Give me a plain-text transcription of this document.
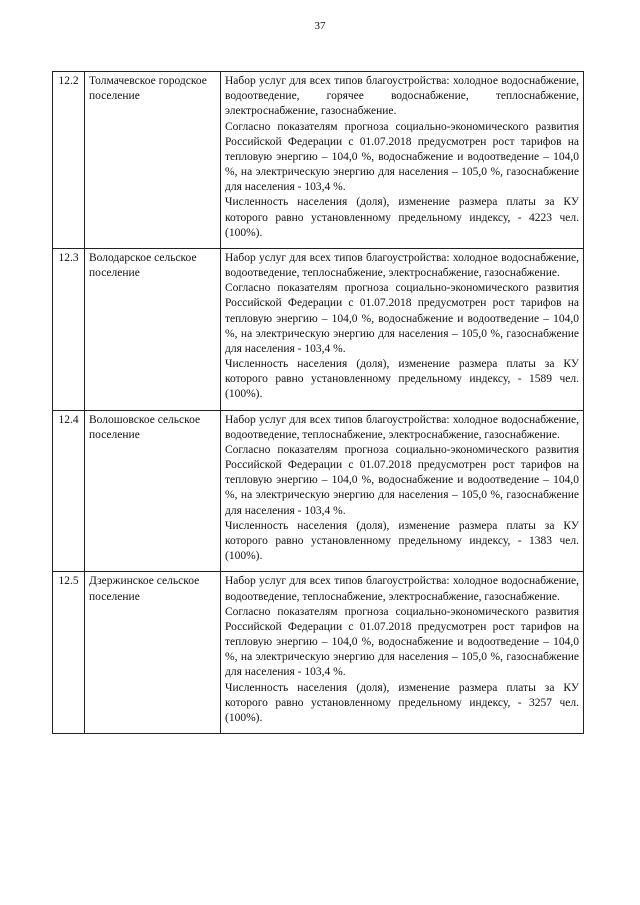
37
12.2	Толмачевское городское поселение	Набор услуг для всех типов благоустройства: холодное водоснабжение, водоотведение, горячее водоснабжение, теплоснабжение, электроснабжение, газоснабжение.
Согласно показателям прогноза социально-экономического развития Российской Федерации с 01.07.2018 предусмотрен рост тарифов на тепловую энергию – 104,0 %, водоснабжение и водоотведение – 104,0 %, на электрическую энергию для населения – 105,0 %, газоснабжение для населения - 103,4 %.
Численность населения (доля), изменение размера платы за КУ которого равно установленному предельному индексу, - 4223 чел. (100%).

12.3	Володарское сельское поселение	Набор услуг для всех типов благоустройства: холодное водоснабжение, водоотведение, теплоснабжение, электроснабжение, газоснабжение.
Согласно показателям прогноза социально-экономического развития Российской Федерации с 01.07.2018 предусмотрен рост тарифов на тепловую энергию – 104,0 %, водоснабжение и водоотведение – 104,0 %, на электрическую энергию для населения – 105,0 %, газоснабжение для населения - 103,4 %.
Численность населения (доля), изменение размера платы за КУ которого равно установленному предельному индексу, - 1589 чел. (100%).

12.4	Волошовское сельское поселение	Набор услуг для всех типов благоустройства: холодное водоснабжение, водоотведение, теплоснабжение, электроснабжение, газоснабжение.
Согласно показателям прогноза социально-экономического развития Российской Федерации с 01.07.2018 предусмотрен рост тарифов на тепловую энергию – 104,0 %, водоснабжение и водоотведение – 104,0 %, на электрическую энергию для населения – 105,0 %, газоснабжение для населения - 103,4 %.
Численность населения (доля), изменение размера платы за КУ которого равно установленному предельному индексу, - 1383 чел. (100%).

12.5	Дзержинское сельское поселение	Набор услуг для всех типов благоустройства: холодное водоснабжение, водоотведение, теплоснабжение, электроснабжение, газоснабжение.
Согласно показателям прогноза социально-экономического развития Российской Федерации с 01.07.2018 предусмотрен рост тарифов на тепловую энергию – 104,0 %, водоснабжение и водоотведение – 104,0 %, на электрическую энергию для населения – 105,0 %, газоснабжение для населения - 103,4 %.
Численность населения (доля), изменение размера платы за КУ которого равно установленному предельному индексу, - 3257 чел. (100%).
